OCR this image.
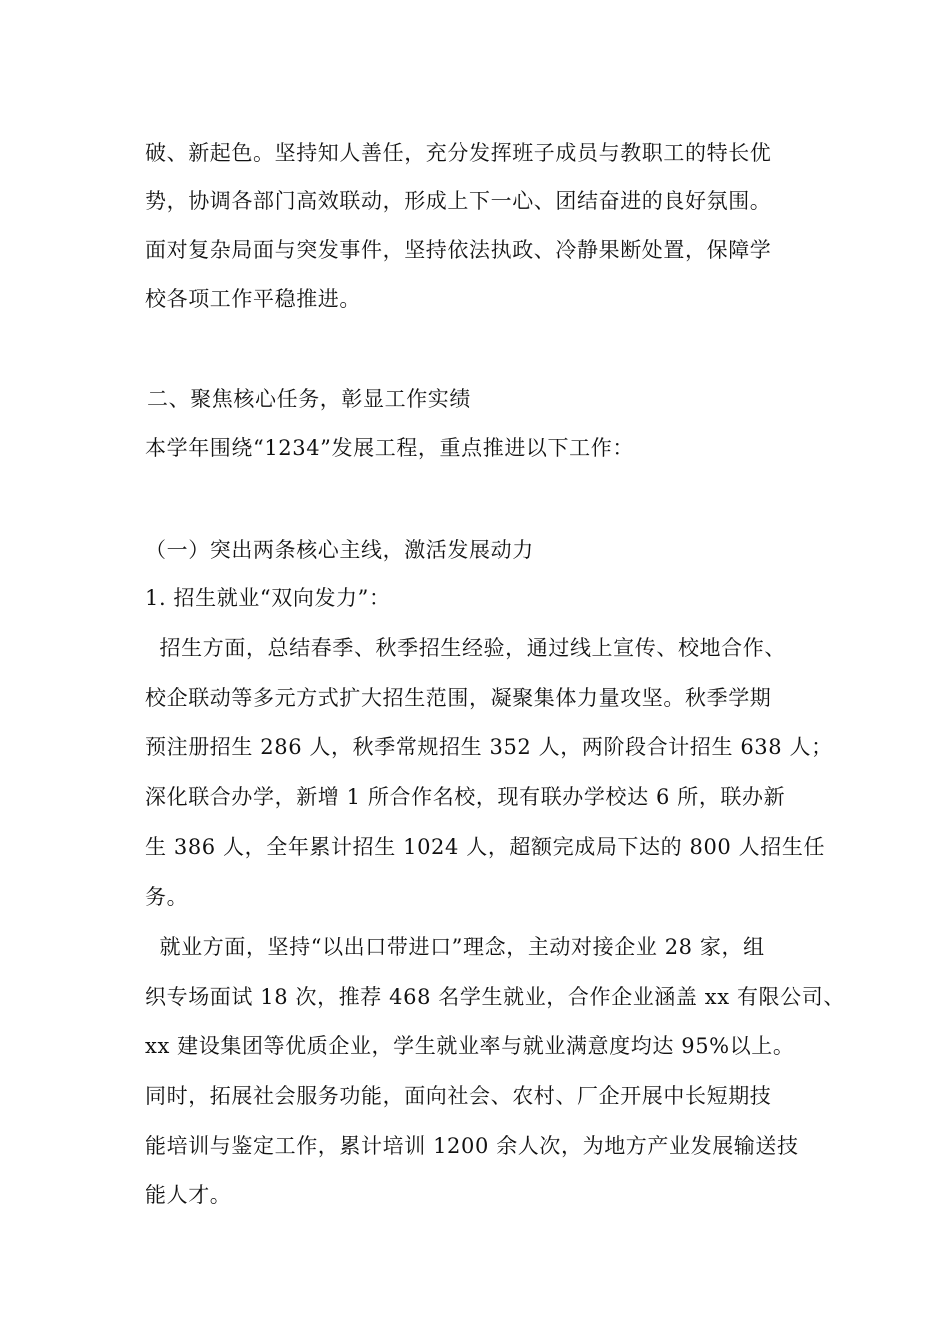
破、新起色。坚持知人善任，充分发挥班子成员与教职工的特长优
势，协调各部门高效联动，形成上下一心、团结奋进的良好氛围。
面对复杂局面与突发事件，坚持依法执政、冷静果断处置，保障学
校各项工作平稳推进。
二、聚焦核心任务，彰显工作实绩
本学年围绕“1234”发展工程，重点推进以下工作：
（一）突出两条核心主线，激活发展动力
1. 招生就业“双向发力”：
招生方面，总结春季、秋季招生经验，通过线上宣传、校地合作、
校企联动等多元方式扩大招生范围，凝聚集体力量攻坚。秋季学期
预注册招生 286 人，秋季常规招生 352 人，两阶段合计招生 638 人；
深化联合办学，新增 1 所合作名校，现有联办学校达 6 所，联办新
生 386 人，全年累计招生 1024 人，超额完成局下达的 800 人招生任
务。
就业方面，坚持“以出口带进口”理念，主动对接企业 28 家，组
织专场面试 18 次，推荐 468 名学生就业，合作企业涵盖 xx 有限公司、
xx 建设集团等优质企业，学生就业率与就业满意度均达 95%以上。
同时，拓展社会服务功能，面向社会、农村、厂企开展中长短期技
能培训与鉴定工作，累计培训 1200 余人次，为地方产业发展输送技
能人才。
